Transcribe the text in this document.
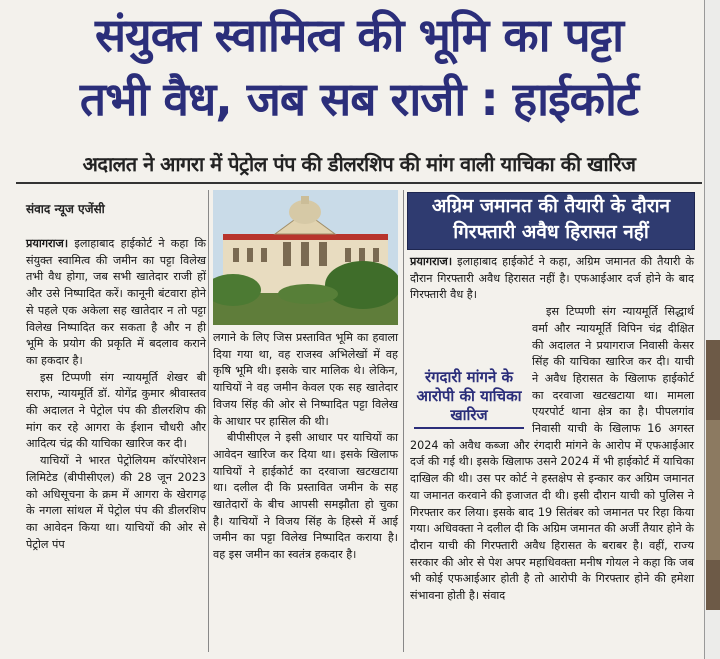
संयुक्त स्वामित्व की भूमि का पट्टा
तभी वैध, जब सब राजी : हाईकोर्ट
अदालत ने आगरा में पेट्रोल पंप की डीलरशिप की मांग वाली याचिका की खारिज
संवाद न्यूज एजेंसी

प्रयागराज। इलाहाबाद हाईकोर्ट ने कहा कि संयुक्त स्वामित्व की जमीन का पट्टा विलेख तभी वैध होगा, जब सभी खातेदार राजी हों और उसे निष्पादित करें। कानूनी बंटवारा होने से पहले एक अकेला सह खातेदार न तो पट्टा विलेख निष्पादित कर सकता है और न ही भूमि के प्रयोग की प्रकृति में बदलाव कराने का हकदार है।

इस टिप्पणी संग न्यायमूर्ति शेखर बी सराफ, न्यायमूर्ति डॉ. योगेंद्र कुमार श्रीवास्तव की अदालत ने पेट्रोल पंप की डीलरशिप की मांग कर रहे आगरा के ईशान चौधरी और आदित्य चंद्र की याचिका खारिज कर दी।

याचियों ने भारत पेट्रोलियम कॉरपोरेशन लिमिटेड (बीपीसीएल) की 28 जून 2023 को अधिसूचना के क्रम में आगरा के खेरागढ़ के नगला सांथल में पेट्रोल पंप की डीलरशिप का आवेदन किया था। याचियों की ओर से पेट्रोल पंप

लगाने के लिए जिस प्रस्तावित भूमि का हवाला दिया गया था, वह राजस्व अभिलेखों में वह कृषि भूमि थी। इसके चार मालिक थे। लेकिन, याचियों ने वह जमीन केवल एक सह खातेदार विजय सिंह की ओर से निष्पादित पट्टा विलेख के आधार पर हासिल की थी।

बीपीसीएल ने इसी आधार पर याचियों का आवेदन खारिज कर दिया था। इसके खिलाफ याचियों ने हाईकोर्ट का दरवाजा खटखटाया था। दलील दी कि प्रस्तावित जमीन के सह खातेदारों के बीच आपसी समझौता हो चुका है। याचियों ने विजय सिंह के हिस्से में आई जमीन का पट्टा विलेख निष्पादित कराया है। वह इस जमीन का स्वतंत्र हकदार है।

अग्रिम जमानत की तैयारी के दौरान
गिरफ्तारी अवैध हिरासत नहीं

प्रयागराज। इलाहाबाद हाईकोर्ट ने कहा, अग्रिम जमानत की तैयारी के दौरान गिरफ्तारी अवैध हिरासत नहीं है। एफआईआर दर्ज होने के बाद गिरफ्तारी वैध है।

इस टिप्पणी संग न्यायमूर्ति सिद्धार्थ वर्मा और न्यायमूर्ति विपिन चंद्र दीक्षित की अदालत ने प्रयागराज निवासी केसर सिंह की याचिका खारिज कर दी। याची ने अवैध हिरासत के खिलाफ हाईकोर्ट का दरवाजा खटखटाया था। मामला एयरपोर्ट थाना क्षेत्र का है। पीपलगांव निवासी याची के खिलाफ 16 अगस्त 2024 को अवैध कब्जा और रंगदारी मांगने के आरोप में एफआईआर दर्ज की गई थी। इसके खिलाफ उसने 2024 में भी हाईकोर्ट में याचिका दाखिल की थी। उस पर कोर्ट ने हस्तक्षेप से इन्कार कर अग्रिम जमानत या जमानत करवाने की इजाजत दी थी। इसी दौरान याची को पुलिस ने गिरफ्तार कर लिया। इसके बाद 19 सितंबर को जमानत पर रिहा किया गया। अधिवक्ता ने दलील दी कि अग्रिम जमानत की अर्जी तैयार होने के दौरान याची की गिरफ्तारी अवैध हिरासत के बराबर है। वहीं, राज्य सरकार की ओर से पेश अपर महाधिवक्ता मनीष गोयल ने कहा कि जब भी कोई एफआईआर होती है तो आरोपी के गिरफ्तार होने की हमेशा संभावना होती है। संवाद

रंगदारी मांगने के आरोपी की याचिका खारिज
